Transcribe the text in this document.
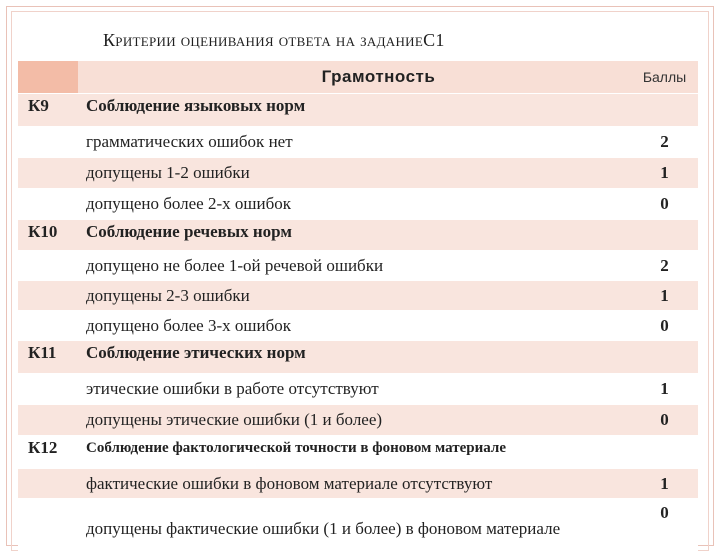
Критерии оценивания ответа на заданиеС1
		Грамотность	Баллы
К9		Соблюдение языковых норм	
		грамматических ошибок нет	2
		допущены 1-2 ошибки	1
		допущено более 2-х ошибок	0
К10		Соблюдение речевых норм	
		допущено не более 1-ой речевой ошибки	2
		допущены 2-3 ошибки	1
		допущено более 3-х ошибок	0
К11		Соблюдение этических норм	
		этические ошибки в работе отсутствуют	1
		допущены этические ошибки (1 и более)	0
К12		Соблюдение фактологической точности в фоновом материале	
		фактические ошибки в фоновом материале отсутствуют	1
		допущены фактические ошибки (1 и более) в фоновом материале	0
